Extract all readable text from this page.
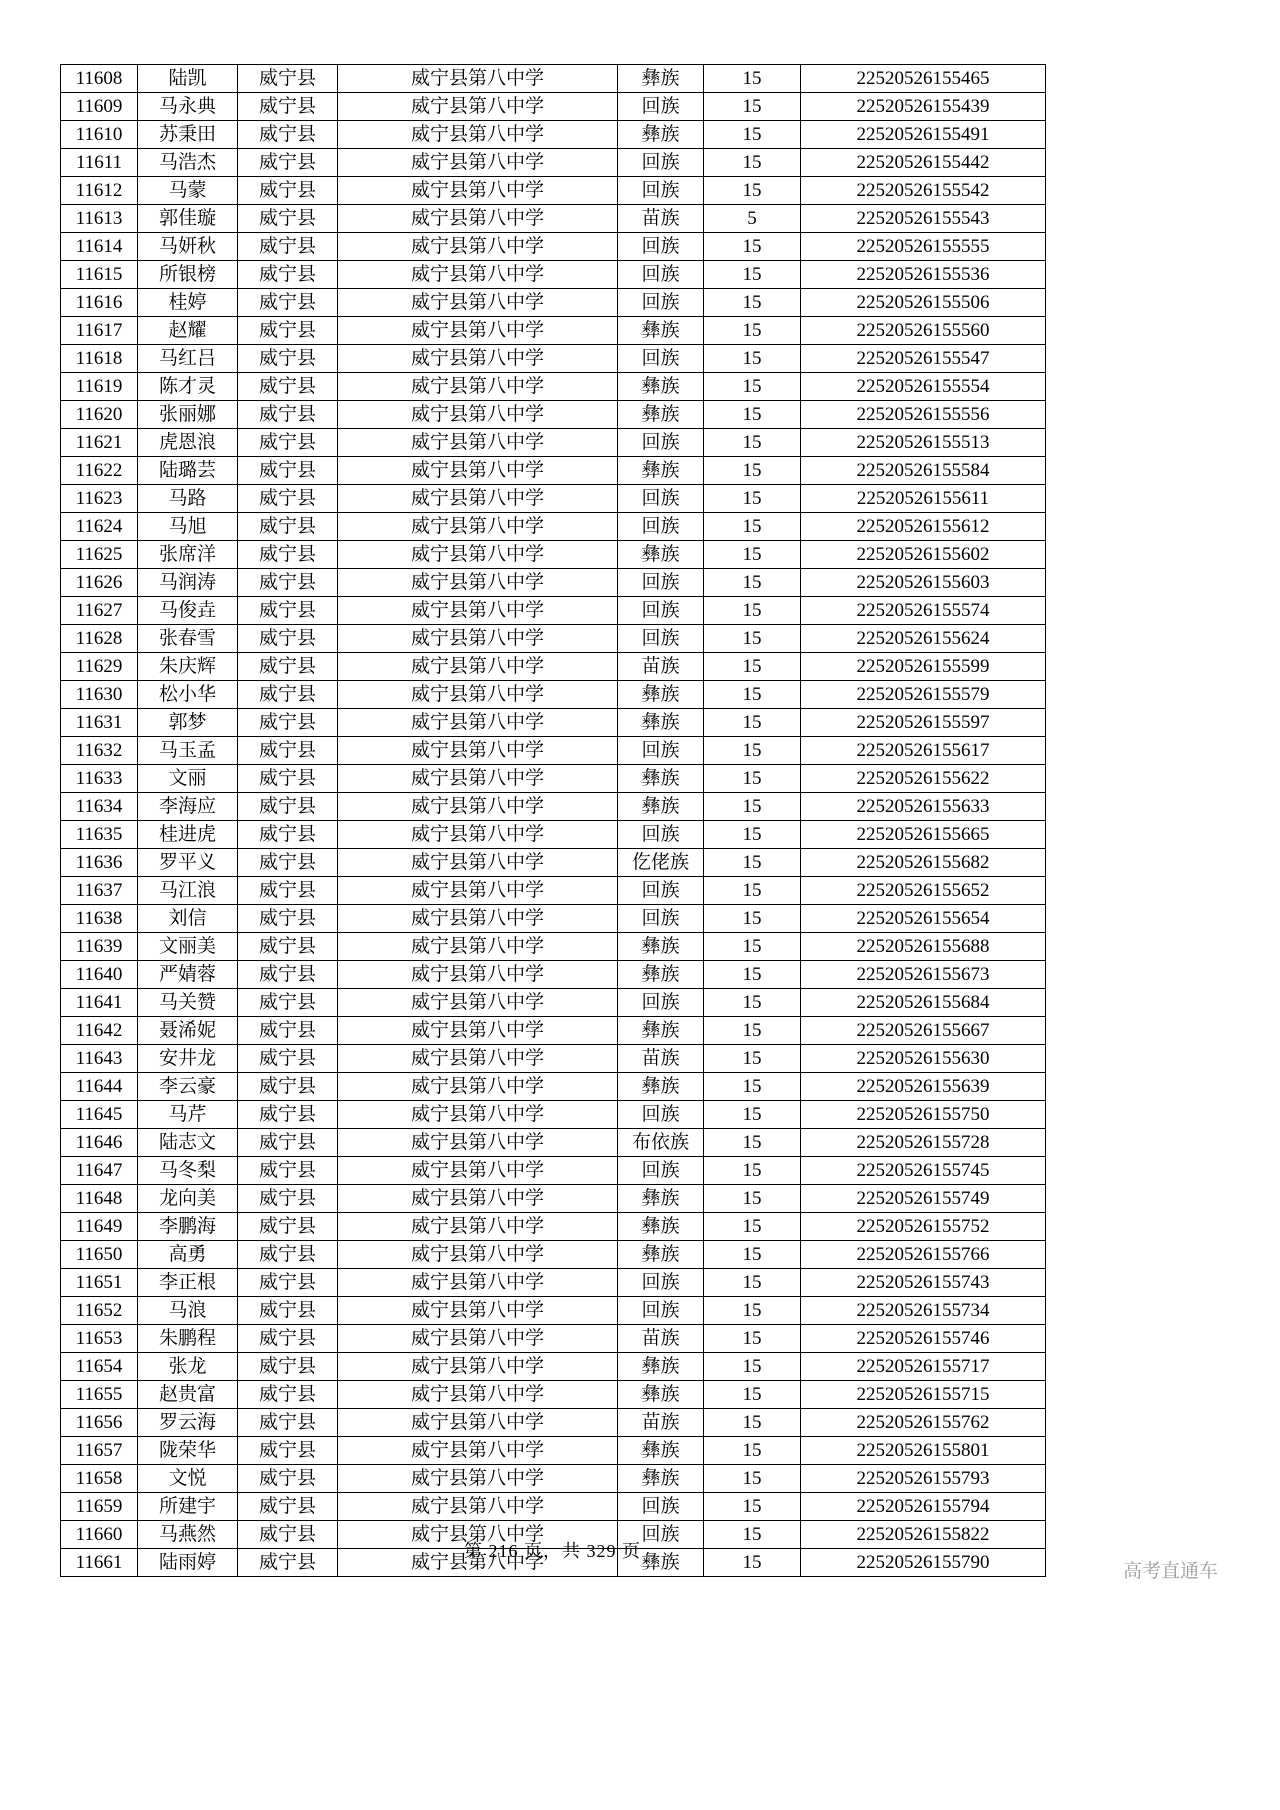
11608	陆凯	威宁县	威宁县第八中学	彝族	15	22520526155465
11609	马永典	威宁县	威宁县第八中学	回族	15	22520526155439
11610	苏秉田	威宁县	威宁县第八中学	彝族	15	22520526155491
11611	马浩杰	威宁县	威宁县第八中学	回族	15	22520526155442
11612	马蒙	威宁县	威宁县第八中学	回族	15	22520526155542
11613	郭佳璇	威宁县	威宁县第八中学	苗族	5	22520526155543
11614	马妍秋	威宁县	威宁县第八中学	回族	15	22520526155555
11615	所银榜	威宁县	威宁县第八中学	回族	15	22520526155536
11616	桂婷	威宁县	威宁县第八中学	回族	15	22520526155506
11617	赵耀	威宁县	威宁县第八中学	彝族	15	22520526155560
11618	马红吕	威宁县	威宁县第八中学	回族	15	22520526155547
11619	陈才灵	威宁县	威宁县第八中学	彝族	15	22520526155554
11620	张丽娜	威宁县	威宁县第八中学	彝族	15	22520526155556
11621	虎恩浪	威宁县	威宁县第八中学	回族	15	22520526155513
11622	陆璐芸	威宁县	威宁县第八中学	彝族	15	22520526155584
11623	马路	威宁县	威宁县第八中学	回族	15	22520526155611
11624	马旭	威宁县	威宁县第八中学	回族	15	22520526155612
11625	张席洋	威宁县	威宁县第八中学	彝族	15	22520526155602
11626	马润涛	威宁县	威宁县第八中学	回族	15	22520526155603
11627	马俊垚	威宁县	威宁县第八中学	回族	15	22520526155574
11628	张春雪	威宁县	威宁县第八中学	回族	15	22520526155624
11629	朱庆辉	威宁县	威宁县第八中学	苗族	15	22520526155599
11630	松小华	威宁县	威宁县第八中学	彝族	15	22520526155579
11631	郭梦	威宁县	威宁县第八中学	彝族	15	22520526155597
11632	马玉孟	威宁县	威宁县第八中学	回族	15	22520526155617
11633	文丽	威宁县	威宁县第八中学	彝族	15	22520526155622
11634	李海应	威宁县	威宁县第八中学	彝族	15	22520526155633
11635	桂进虎	威宁县	威宁县第八中学	回族	15	22520526155665
11636	罗平义	威宁县	威宁县第八中学	仡佬族	15	22520526155682
11637	马江浪	威宁县	威宁县第八中学	回族	15	22520526155652
11638	刘信	威宁县	威宁县第八中学	回族	15	22520526155654
11639	文丽美	威宁县	威宁县第八中学	彝族	15	22520526155688
11640	严婧蓉	威宁县	威宁县第八中学	彝族	15	22520526155673
11641	马关赞	威宁县	威宁县第八中学	回族	15	22520526155684
11642	聂浠妮	威宁县	威宁县第八中学	彝族	15	22520526155667
11643	安井龙	威宁县	威宁县第八中学	苗族	15	22520526155630
11644	李云豪	威宁县	威宁县第八中学	彝族	15	22520526155639
11645	马芹	威宁县	威宁县第八中学	回族	15	22520526155750
11646	陆志文	威宁县	威宁县第八中学	布依族	15	22520526155728
11647	马冬梨	威宁县	威宁县第八中学	回族	15	22520526155745
11648	龙向美	威宁县	威宁县第八中学	彝族	15	22520526155749
11649	李鹏海	威宁县	威宁县第八中学	彝族	15	22520526155752
11650	高勇	威宁县	威宁县第八中学	彝族	15	22520526155766
11651	李正根	威宁县	威宁县第八中学	回族	15	22520526155743
11652	马浪	威宁县	威宁县第八中学	回族	15	22520526155734
11653	朱鹏程	威宁县	威宁县第八中学	苗族	15	22520526155746
11654	张龙	威宁县	威宁县第八中学	彝族	15	22520526155717
11655	赵贵富	威宁县	威宁县第八中学	彝族	15	22520526155715
11656	罗云海	威宁县	威宁县第八中学	苗族	15	22520526155762
11657	陇荣华	威宁县	威宁县第八中学	彝族	15	22520526155801
11658	文悦	威宁县	威宁县第八中学	彝族	15	22520526155793
11659	所建宇	威宁县	威宁县第八中学	回族	15	22520526155794
11660	马燕然	威宁县	威宁县第八中学	回族	15	22520526155822
11661	陆雨婷	威宁县	威宁县第八中学	彝族	15	22520526155790
第 216 页，共 329 页
高考直通车
